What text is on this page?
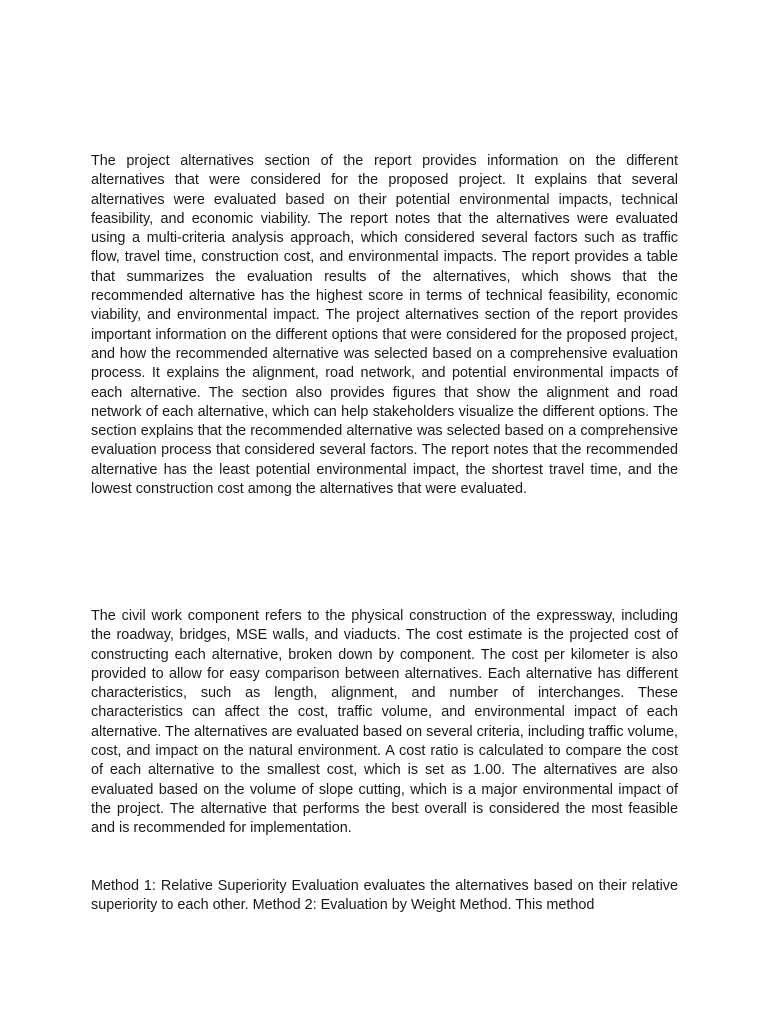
The project alternatives section of the report provides information on the different alternatives that were considered for the proposed project. It explains that several alternatives were evaluated based on their potential environmental impacts, technical feasibility, and economic viability. The report notes that the alternatives were evaluated using a multi-criteria analysis approach, which considered several factors such as traffic flow, travel time, construction cost, and environmental impacts. The report provides a table that summarizes the evaluation results of the alternatives, which shows that the recommended alternative has the highest score in terms of technical feasibility, economic viability, and environmental impact. The project alternatives section of the report provides important information on the different options that were considered for the proposed project, and how the recommended alternative was selected based on a comprehensive evaluation process. It explains the alignment, road network, and potential environmental impacts of each alternative. The section also provides figures that show the alignment and road network of each alternative, which can help stakeholders visualize the different options. The section explains that the recommended alternative was selected based on a comprehensive evaluation process that considered several factors. The report notes that the recommended alternative has the least potential environmental impact, the shortest travel time, and the lowest construction cost among the alternatives that were evaluated.

The civil work component refers to the physical construction of the expressway, including the roadway, bridges, MSE walls, and viaducts. The cost estimate is the projected cost of constructing each alternative, broken down by component. The cost per kilometer is also provided to allow for easy comparison between alternatives. Each alternative has different characteristics, such as length, alignment, and number of interchanges. These characteristics can affect the cost, traffic volume, and environmental impact of each alternative. The alternatives are evaluated based on several criteria, including traffic volume, cost, and impact on the natural environment. A cost ratio is calculated to compare the cost of each alternative to the smallest cost, which is set as 1.00. The alternatives are also evaluated based on the volume of slope cutting, which is a major environmental impact of the project. The alternative that performs the best overall is considered the most feasible and is recommended for implementation.

Method 1: Relative Superiority Evaluation evaluates the alternatives based on their relative superiority to each other. Method 2: Evaluation by Weight Method. This method
